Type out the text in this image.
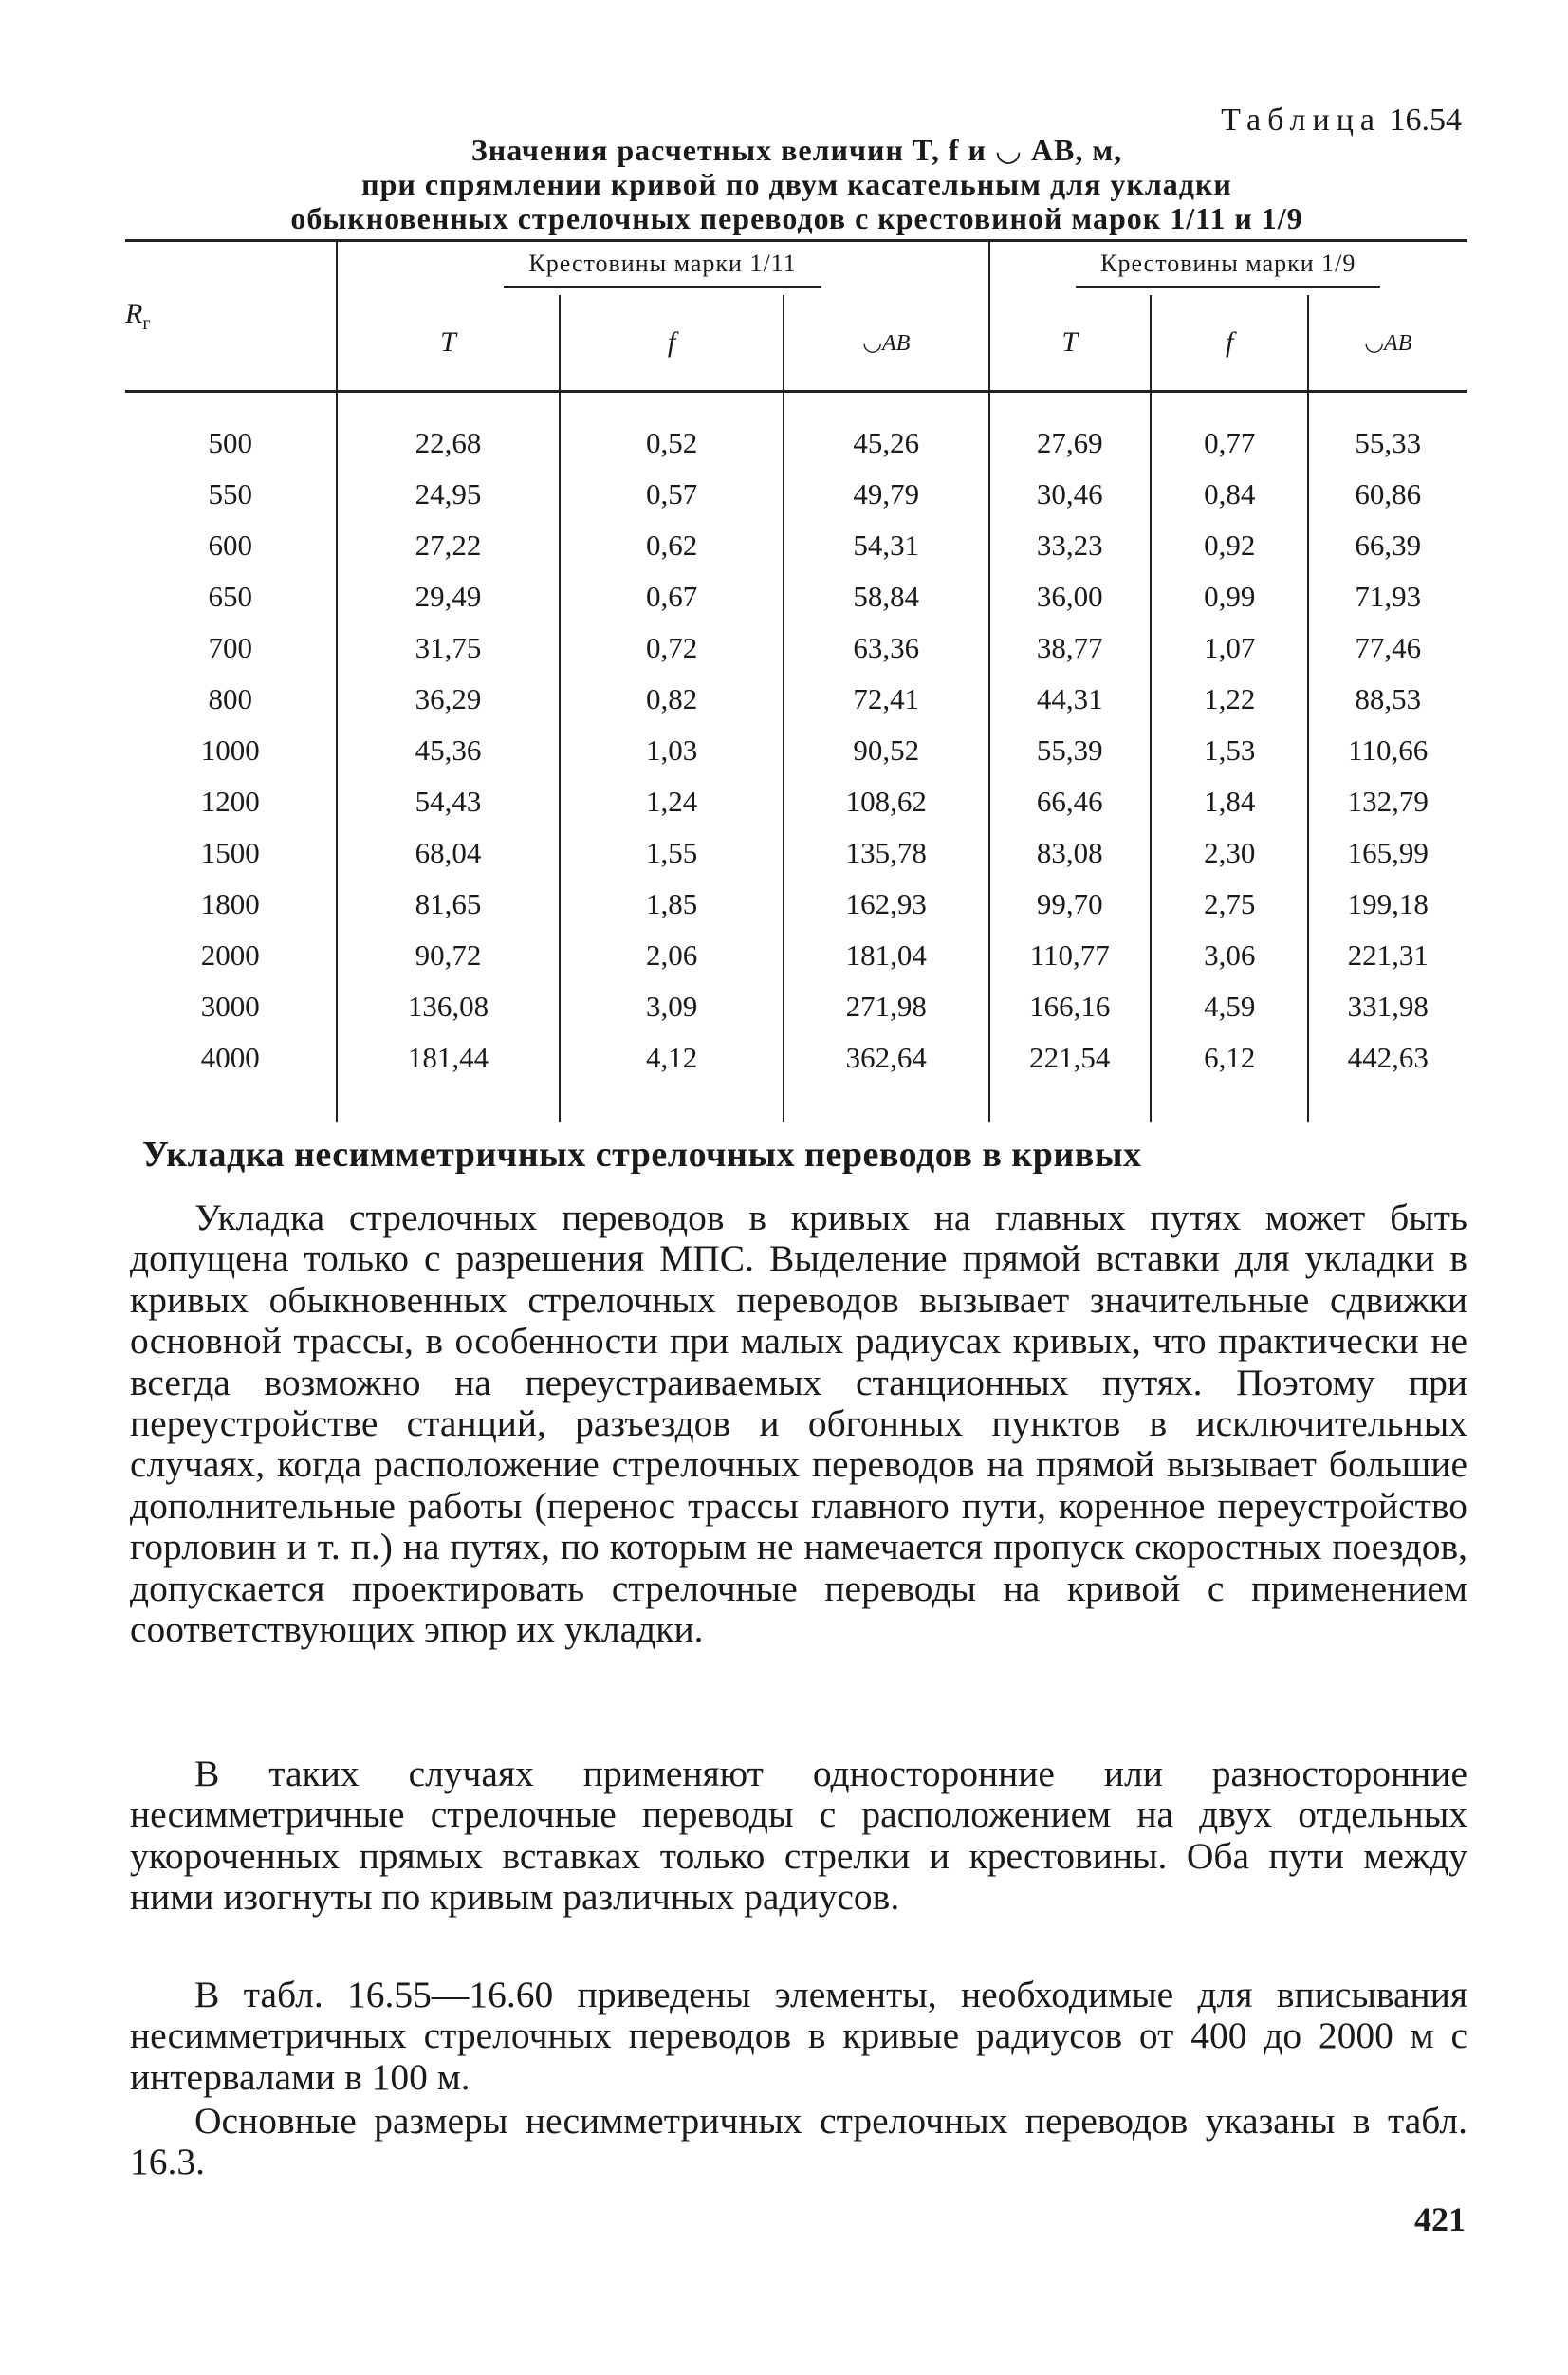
Таблица 16.54
Значения расчетных величин T, f и ◡ AB, м,
при спрямлении кривой по двум касательным для укладки
обыкновенных стрелочных переводов с крестовиной марок 1/11 и 1/9
$R_г$	Крестовины марки 1/11			Крестовины марки 1/9		
	T	f	◡AB	T	f	◡AB
500	22,68	0,52	45,26	27,69	0,77	55,33
550	24,95	0,57	49,79	30,46	0,84	60,86
600	27,22	0,62	54,31	33,23	0,92	66,39
650	29,49	0,67	58,84	36,00	0,99	71,93
700	31,75	0,72	63,36	38,77	1,07	77,46
800	36,29	0,82	72,41	44,31	1,22	88,53
1000	45,36	1,03	90,52	55,39	1,53	110,66
1200	54,43	1,24	108,62	66,46	1,84	132,79
1500	68,04	1,55	135,78	83,08	2,30	165,99
1800	81,65	1,85	162,93	99,70	2,75	199,18
2000	90,72	2,06	181,04	110,77	3,06	221,31
3000	136,08	3,09	271,98	166,16	4,59	331,98
4000	181,44	4,12	362,64	221,54	6,12	442,63
Укладка несимметричных стрелочных переводов в кривых

Укладка стрелочных переводов в кривых на главных путях может быть допущена только с разрешения МПС. Выделение прямой вставки для укладки в кривых обыкновенных стрелочных переводов вызывает значительные сдвижки основной трассы, в особенности при малых радиусах кривых, что практически не всегда возможно на переустраиваемых станционных путях. Поэтому при переустройстве станций, разъездов и обгонных пунктов в исключительных случаях, когда расположение стрелочных переводов на прямой вызывает большие дополнительные работы (перенос трассы главного пути, коренное переустройство горловин и т. п.) на путях, по которым не намечается пропуск скоростных поездов, допускается проектировать стрелочные переводы на кривой с применением соответствующих эпюр их укладки.

В таких случаях применяют односторонние или разносторонние несимметричные стрелочные переводы с расположением на двух отдельных укороченных прямых вставках только стрелки и крестовины. Оба пути между ними изогнуты по кривым различных радиусов.

В табл. 16.55—16.60 приведены элементы, необходимые для вписывания несимметричных стрелочных переводов в кривые радиусов от 400 до 2000 м с интервалами в 100 м.

Основные размеры несимметричных стрелочных переводов указаны в табл. 16.3.

421
